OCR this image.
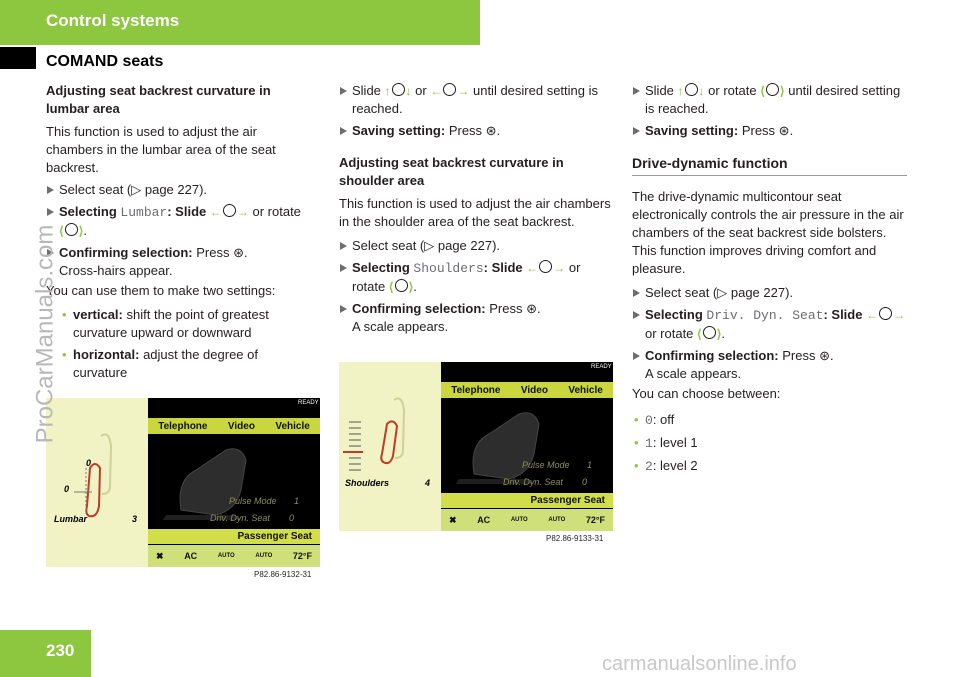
Control systems
COMAND seats

Adjusting seat backrest curvature in lumbar area

This function is used to adjust the air chambers in the lumbar area of the seat backrest.

Select seat (▷ page 227).

Selecting Lumbar: Slide ← → or rotate ⟨ ⟩.

Confirming selection: Press ⊛.
Cross-hairs appear.

You can use them to make two settings:

• vertical: shift the point of greatest curvature upward or downward

• horizontal: adjust the degree of curvature

Slide ↑ ↓ or ← → until desired setting is reached.

Saving setting: Press ⊛.

Adjusting seat backrest curvature in shoulder area

This function is used to adjust the air chambers in the shoulder area of the seat backrest.

Select seat (▷ page 227).

Selecting Shoulders: Slide ← → or rotate ⟨ ⟩.

Confirming selection: Press ⊛.
A scale appears.

Slide ↑ ↓ or rotate ⟨ ⟩ until desired setting is reached.

Saving setting: Press ⊛.

Drive-dynamic function

The drive-dynamic multicontour seat electronically controls the air pressure in the air chambers of the seat backrest side bolsters. This function improves driving comfort and pleasure.

Select seat (▷ page 227).

Selecting Driv. Dyn. Seat: Slide ← →
or rotate ⟨ ⟩.

Confirming selection: Press ⊛.
A scale appears.

You can choose between:

• 0: off

• 1: level 1

• 2: level 2

0
0
Lumbar	3
READY
Telephone Video Vehicle
Pulse Mode 1
Driv. Dyn. Seat 0
Passenger Seat
✖ AC	AUTO	AUTO 72°F
P82.86-9132-31
Shoulders	4
READY
Telephone Video Vehicle
Pulse Mode 1
Driv. Dyn. Seat 0
Passenger Seat
✖ AC	AUTO	AUTO 72°F
P82.86-9133-31
230
ProCarManuals.com
carmanualsonline.info
